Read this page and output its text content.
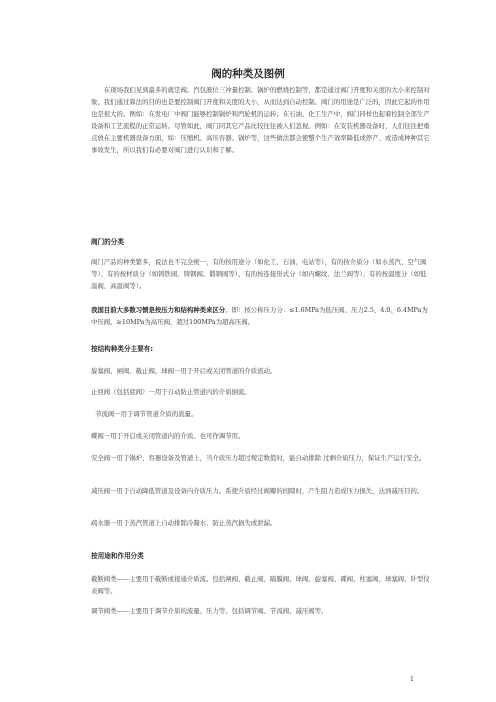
阀的种类及图例

在现场我们见到最多的就是阀。汽包液位三冲量控制、锅炉的燃烧控制等，都是通过阀门开度和关度的大小来控制对象，我们通过算法的目的也是要控制阀门开度和关度的大小，从而达到自动控制。阀门的用途是广泛的，因此它起的作用也是很大的。例如：在发电厂中阀门能够控制锅炉和汽轮机的运转；在石油、化工生产中，阀门同样也起着控制全部生产设备和工艺流程的正常运转。尽管如此，阀门同其它产品比较往往被人们忽视。例如：在安装机器设备时，人们往往把重点放在主要机器设备方面，如：压缩机、高压容器、锅炉等，这些做法都会使整个生产效率降低或停产、或造成种种其它事故发生，所以我们有必要对阀门进行认识和了解。

阀门的分类

阀门产品的种类繁多，说法也不完全统一，有的按用途分（如化工、石油、电站等）、有的按介质分（如水蒸汽、空气阀等）、有的按材质分（如铸铁阀、铸钢阀、锻钢阀等）、有的按连接形式分（如内螺纹、法兰阀等）、有的按温度分（如低温阀、高温阀等）。

我国目前大多数习惯是按压力和结构种类来区分。即：按公称压力分：≤1.6MPa为低压阀、压力2.5、4.0、6.4MPa为中压阀、≥10MPa为高压阀、超过100MPa为超高压阀。

按结构种类分主要有:

旋塞阀、闸阀、截止阀、球阀一用于开启或关闭管道的介质流动。

止回阀（包括底阀）一用于自动防止管道内的介质倒流。

节流阀一用于调节管道介质的流量。

蝶阀一用于开启或关闭管道内的介质。也可作调节用。

安全阀一用于锅炉、容器设备及管道上，当介质压力超过规定数值时，能自动排除 过剩介质压力，保证生产运行安全。

减压阀一用于自动降低管道及设备内介质压力。系使介质经过阀瓣的间隙时，产生阻力造成压力损失，达到减压目的。

疏水器一用于蒸汽管道上自动排除冷凝水，防止蒸汽损失或泄漏。

按用途和作用分类

截断阀类——主要用于截断或接通介质流。包括闸阀、截止阀、隔膜阀、球阀、旋塞阀、碟阀、柱塞阀、球塞阀、针型仪表阀等。

调节阀类——主要用于调节介质的流量、压力等。包括调节阀、节流阀、减压阀等。

1
